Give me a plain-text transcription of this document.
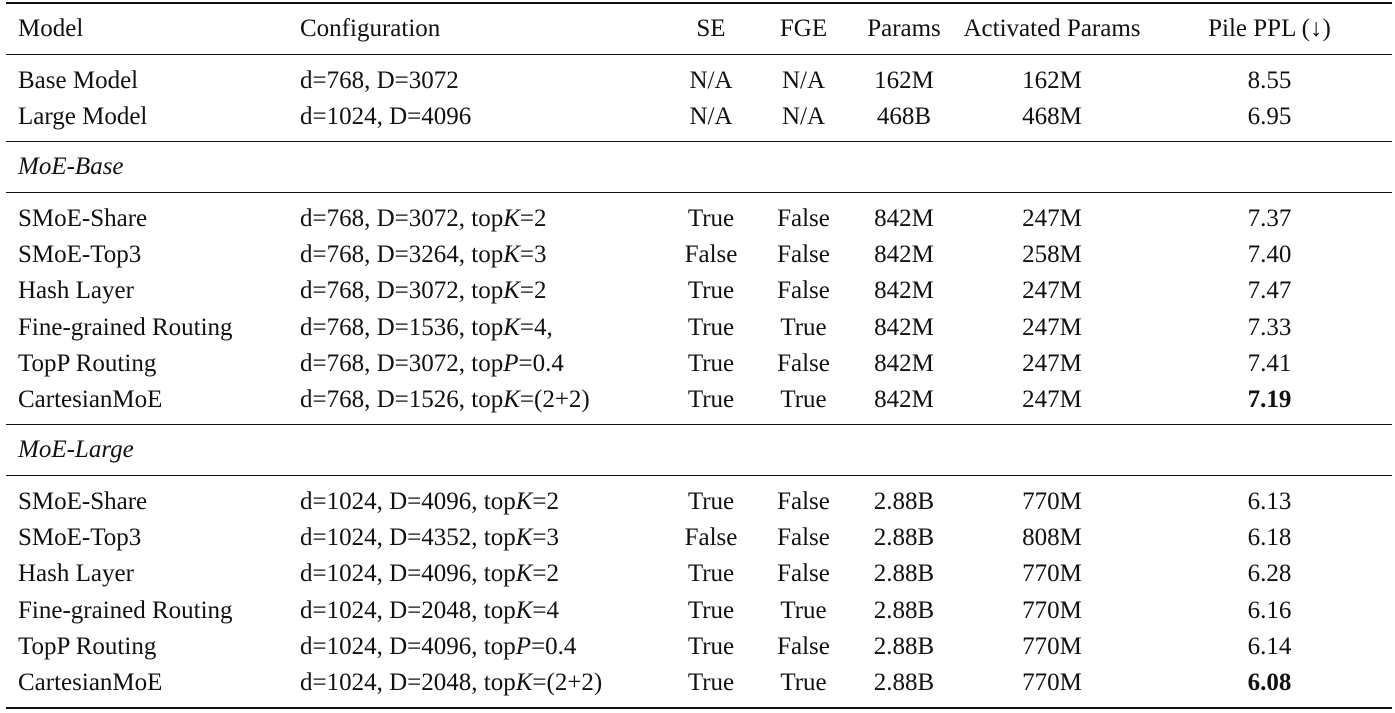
Model	Configuration	SE	FGE	Params	Activated Params	Pile PPL (↓)
Base Model	d=768, D=3072	N/A	N/A	162M	162M	8.55
Large Model	d=1024, D=4096	N/A	N/A	468B	468M	6.95
MoE-Base						
SMoE-Share	d=768, D=3072, topK=2	True	False	842M	247M	7.37
SMoE-Top3	d=768, D=3264, topK=3	False	False	842M	258M	7.40
Hash Layer	d=768, D=3072, topK=2	True	False	842M	247M	7.47
Fine-grained Routing	d=768, D=1536, topK=4,	True	True	842M	247M	7.33
TopP Routing	d=768, D=3072, topP=0.4	True	False	842M	247M	7.41
CartesianMoE	d=768, D=1526, topK=(2+2)	True	True	842M	247M	7.19
MoE-Large						
SMoE-Share	d=1024, D=4096, topK=2	True	False	2.88B	770M	6.13
SMoE-Top3	d=1024, D=4352, topK=3	False	False	2.88B	808M	6.18
Hash Layer	d=1024, D=4096, topK=2	True	False	2.88B	770M	6.28
Fine-grained Routing	d=1024, D=2048, topK=4	True	True	2.88B	770M	6.16
TopP Routing	d=1024, D=4096, topP=0.4	True	False	2.88B	770M	6.14
CartesianMoE	d=1024, D=2048, topK=(2+2)	True	True	2.88B	770M	6.08
